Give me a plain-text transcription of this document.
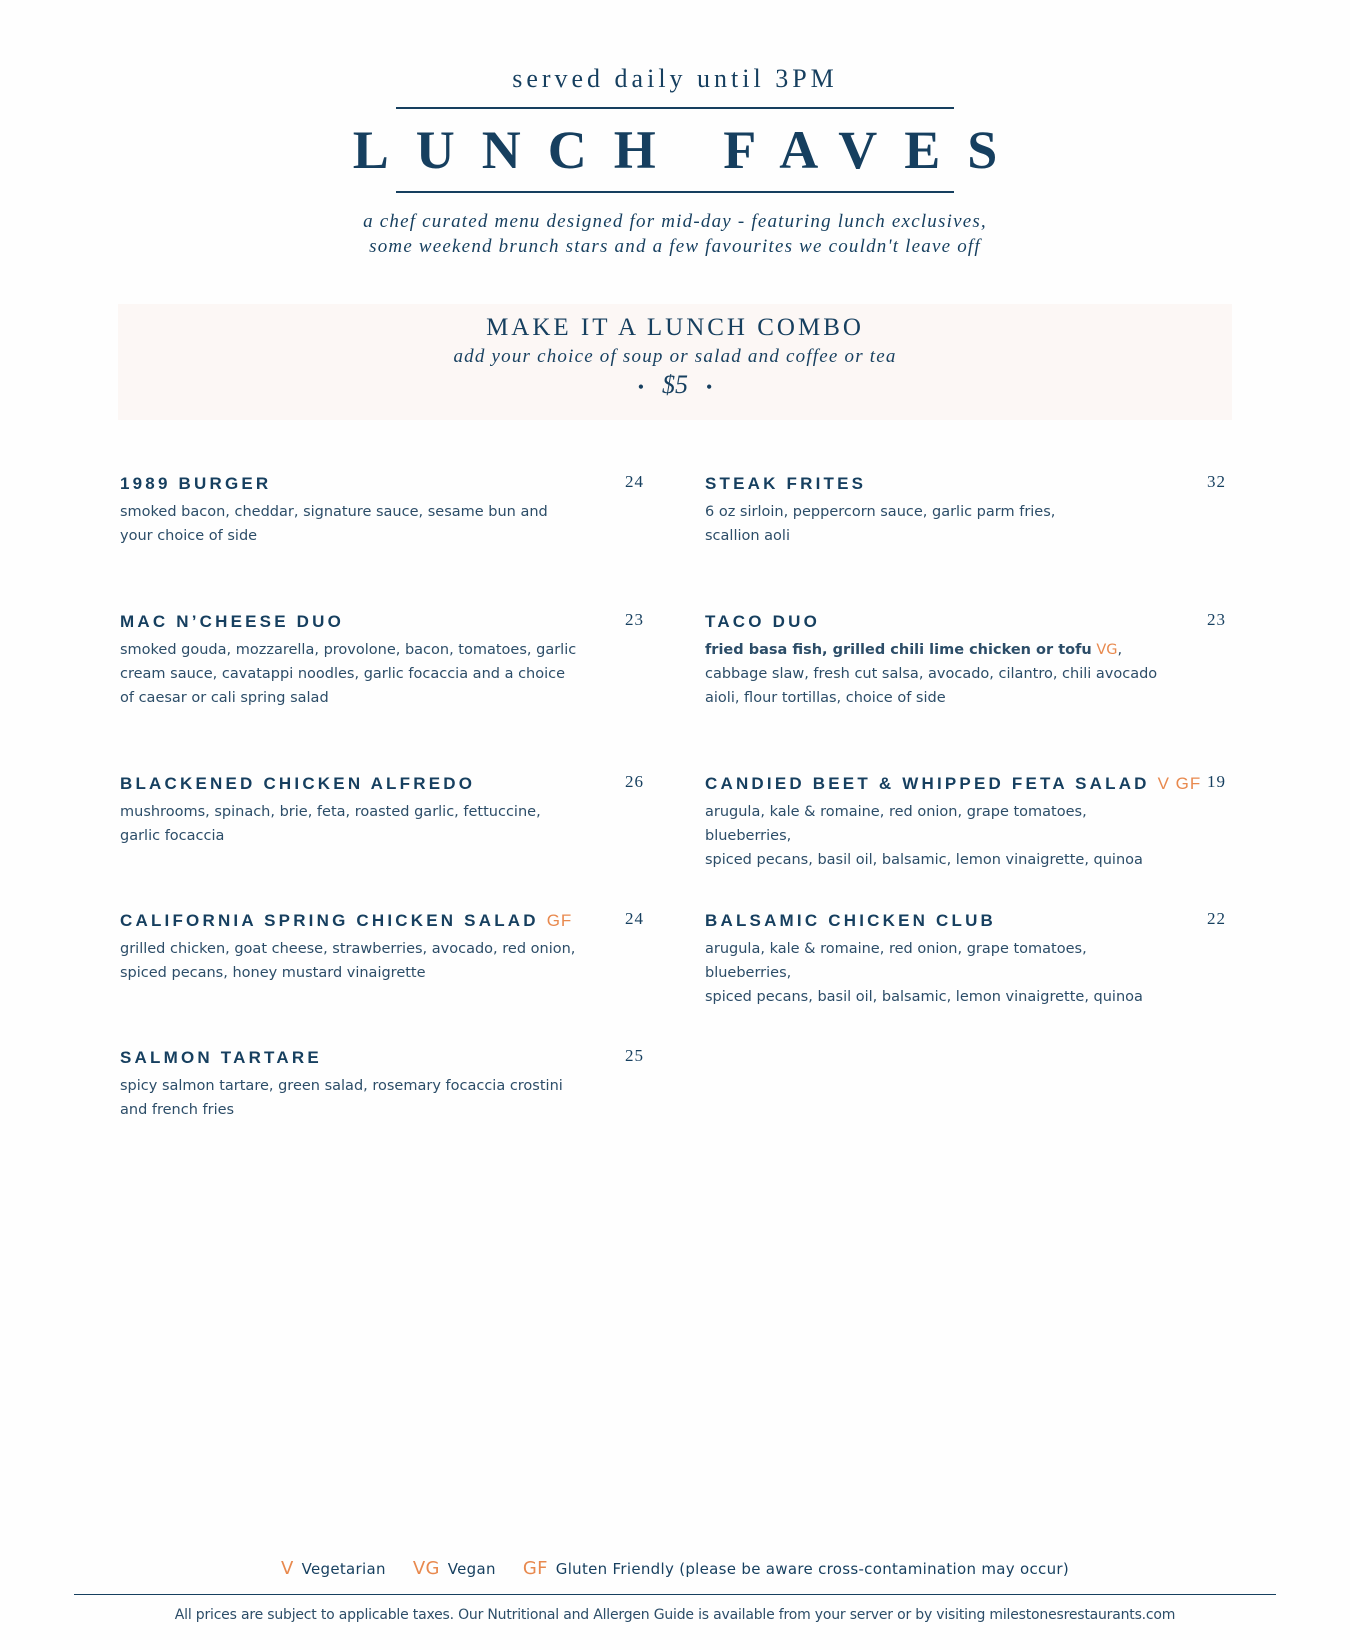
served daily until 3PM

LUNCH FAVES
a chef curated menu designed for mid-day - featuring lunch exclusives,
some weekend brunch stars and a few favourites we couldn't leave off
MAKE IT A LUNCH COMBO
add your choice of soup or salad and coffee or tea
• $5 •
1989 BURGER
smoked bacon, cheddar, signature sauce, sesame bun and your choice of side
24	STEAK FRITES
6 oz sirloin, peppercorn sauce, garlic parm fries,
scallion aoli
32
MAC N’CHEESE DUO
smoked gouda, mozzarella, provolone, bacon, tomatoes, garlic cream sauce, cavatappi noodles, garlic focaccia and a choice of caesar or cali spring salad
23	TACO DUO
fried basa fish, grilled chili lime chicken or tofu VG, cabbage slaw, fresh cut salsa, avocado, cilantro, chili avocado aioli, flour tortillas, choice of side
23
BLACKENED CHICKEN ALFREDO
mushrooms, spinach, brie, feta, roasted garlic, fettuccine,
garlic focaccia
26	CANDIED BEET & WHIPPED FETA SALAD V GF
arugula, kale & romaine, red onion, grape tomatoes, blueberries,
spiced pecans, basil oil, balsamic, lemon vinaigrette, quinoa
19
CALIFORNIA SPRING CHICKEN SALAD GF
grilled chicken, goat cheese, strawberries, avocado, red onion,
spiced pecans, honey mustard vinaigrette
24	BALSAMIC CHICKEN CLUB
arugula, kale & romaine, red onion, grape tomatoes, blueberries,
spiced pecans, basil oil, balsamic, lemon vinaigrette, quinoa
22
SALMON TARTARE
spicy salmon tartare, green salad, rosemary focaccia crostini
and french fries
25
V Vegetarian VG Vegan GF Gluten Friendly (please be aware cross-contamination may occur)
All prices are subject to applicable taxes. Our Nutritional and Allergen Guide is available from your server or by visiting milestonesrestaurants.com
